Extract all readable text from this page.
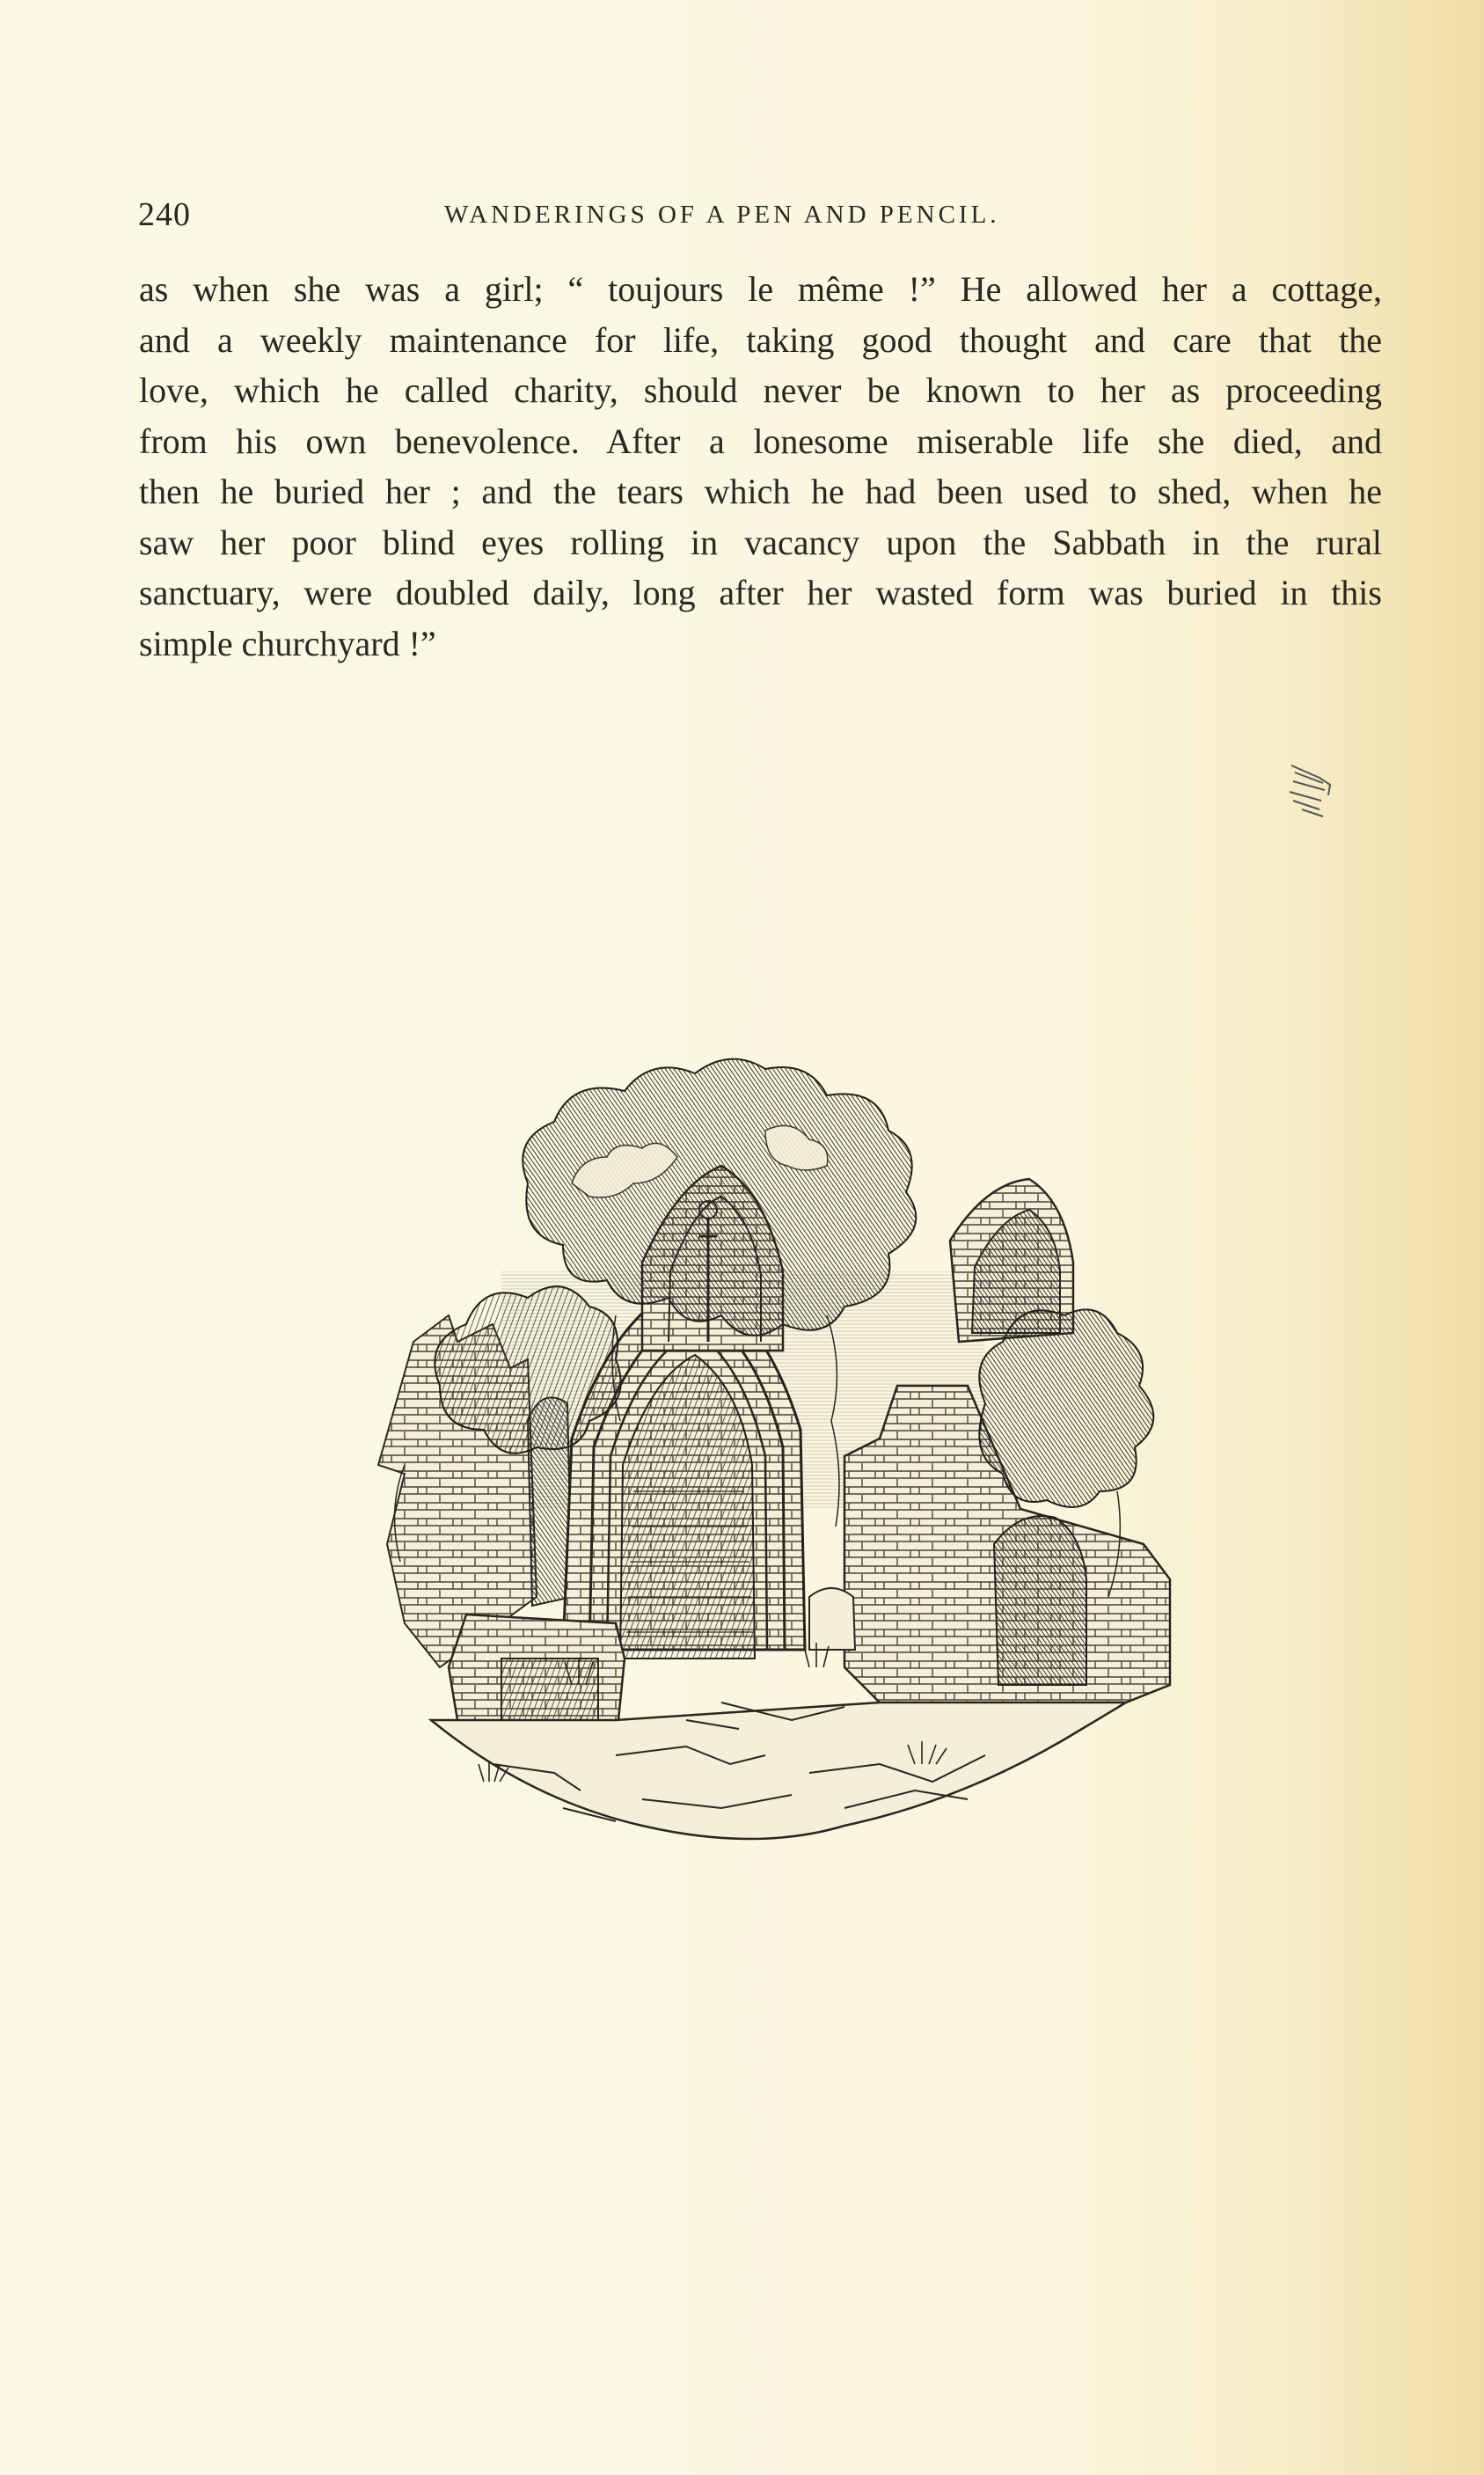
240	WANDERINGS OF A PEN AND PENCIL.
as when she was a girl; “ toujours le même !” He allowed her a cottage,
and a weekly maintenance for life, taking good thought and care that the
love, which he called charity, should never be known to her as proceeding
from his own benevolence. After a lonesome miserable life she died, and
then he buried her ; and the tears which he had been used to shed, when he
saw her poor blind eyes rolling in vacancy upon the Sabbath in the rural
sanctuary, were doubled daily, long after her wasted form was buried in this
simple churchyard !”
